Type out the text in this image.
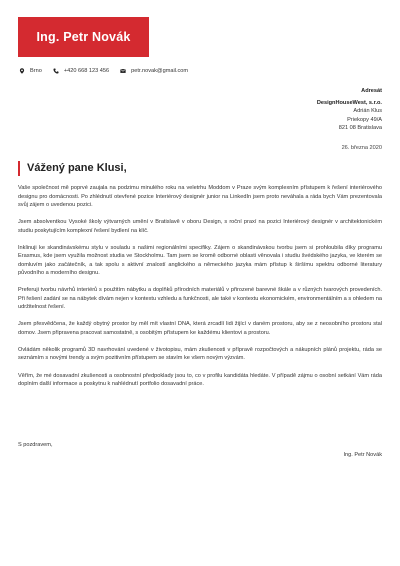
Ing. Petr Novák
Brno	+420 668 123 456	petr.novak@gmail.com
Adresát
DesignHouseWest, s.r.o.
Adrián Klus
Priekopy 49/A
821 08 Bratislava
26. března 2020
Vážený pane Klusi,

Vaše společnost mě poprvé zaujala na podzimu minulého roku na veletrhu Moddom v Praze svým komplexním přístupem k řešení interiérového designu pro domácnosti. Po zhlédnutí otevřené pozice Interiérový designér junior na LinkedIn jsem proto neváhala a ráda bych Vám prezentovala svůj zájem o uvedenou pozici.

Jsem absolventkou Vysoké školy výtvarných umění v Bratislavě v oboru Design, s roční praxí na pozici Interiérový designér v architektonickém studiu poskytujícím komplexní řešení bydlení na klíč.

Inklinuji ke skandinávskému stylu v souladu s našimi regionálními specifiky. Zájem o skandinávskou tvorbu jsem si prohloubila díky programu Erasmus, kde jsem využila možnost studia ve Stockholmu. Tam jsem se kromě odborné oblasti věnovala i studiu švédského jazyka, ve kterém se domluvím jako začátečník, a tak spolu s aktivní znalostí anglického a německého jazyka mám přístup k širšímu spektru odborné literatury původního a moderního designu.

Preferuji tvorbu návrhů interiérů s použitím nábytku a doplňků přírodních materiálů v přirozené barevné škále a v různých tvarových provedeních. Při řešení zadání se na nábytek dívám nejen v kontextu vzhledu a funkčnosti, ale také v kontextu ekonomickém, environmentálním a s ohledem na udržitelnost řešení.

Jsem přesvědčena, že každý obytný prostor by měl mít vlastní DNA, která zrcadlí lidi žijící v daném prostoru, aby se z neosobního prostoru stal domov. Jsem připravena pracovat samostatně, s osobitým přístupem ke každému klientovi a prostoru.

Ovládám několik programů 3D navrhování uvedené v životopisu, mám zkušenosti v přípravě rozpočtových a nákupních plánů projektu, ráda se seznámím s novými trendy a svým pozitivním přístupem se stavím ke všem novým výzvám.

Věřím, že mé dosavadní zkušenosti a osobnostní předpoklady jsou to, co v profilu kandidáta hledáte. V případě zájmu o osobní setkání Vám ráda doplním další informace a poskytnu k nahlédnutí portfolio dosavadní práce.

S pozdravem,
Ing. Petr Novák
